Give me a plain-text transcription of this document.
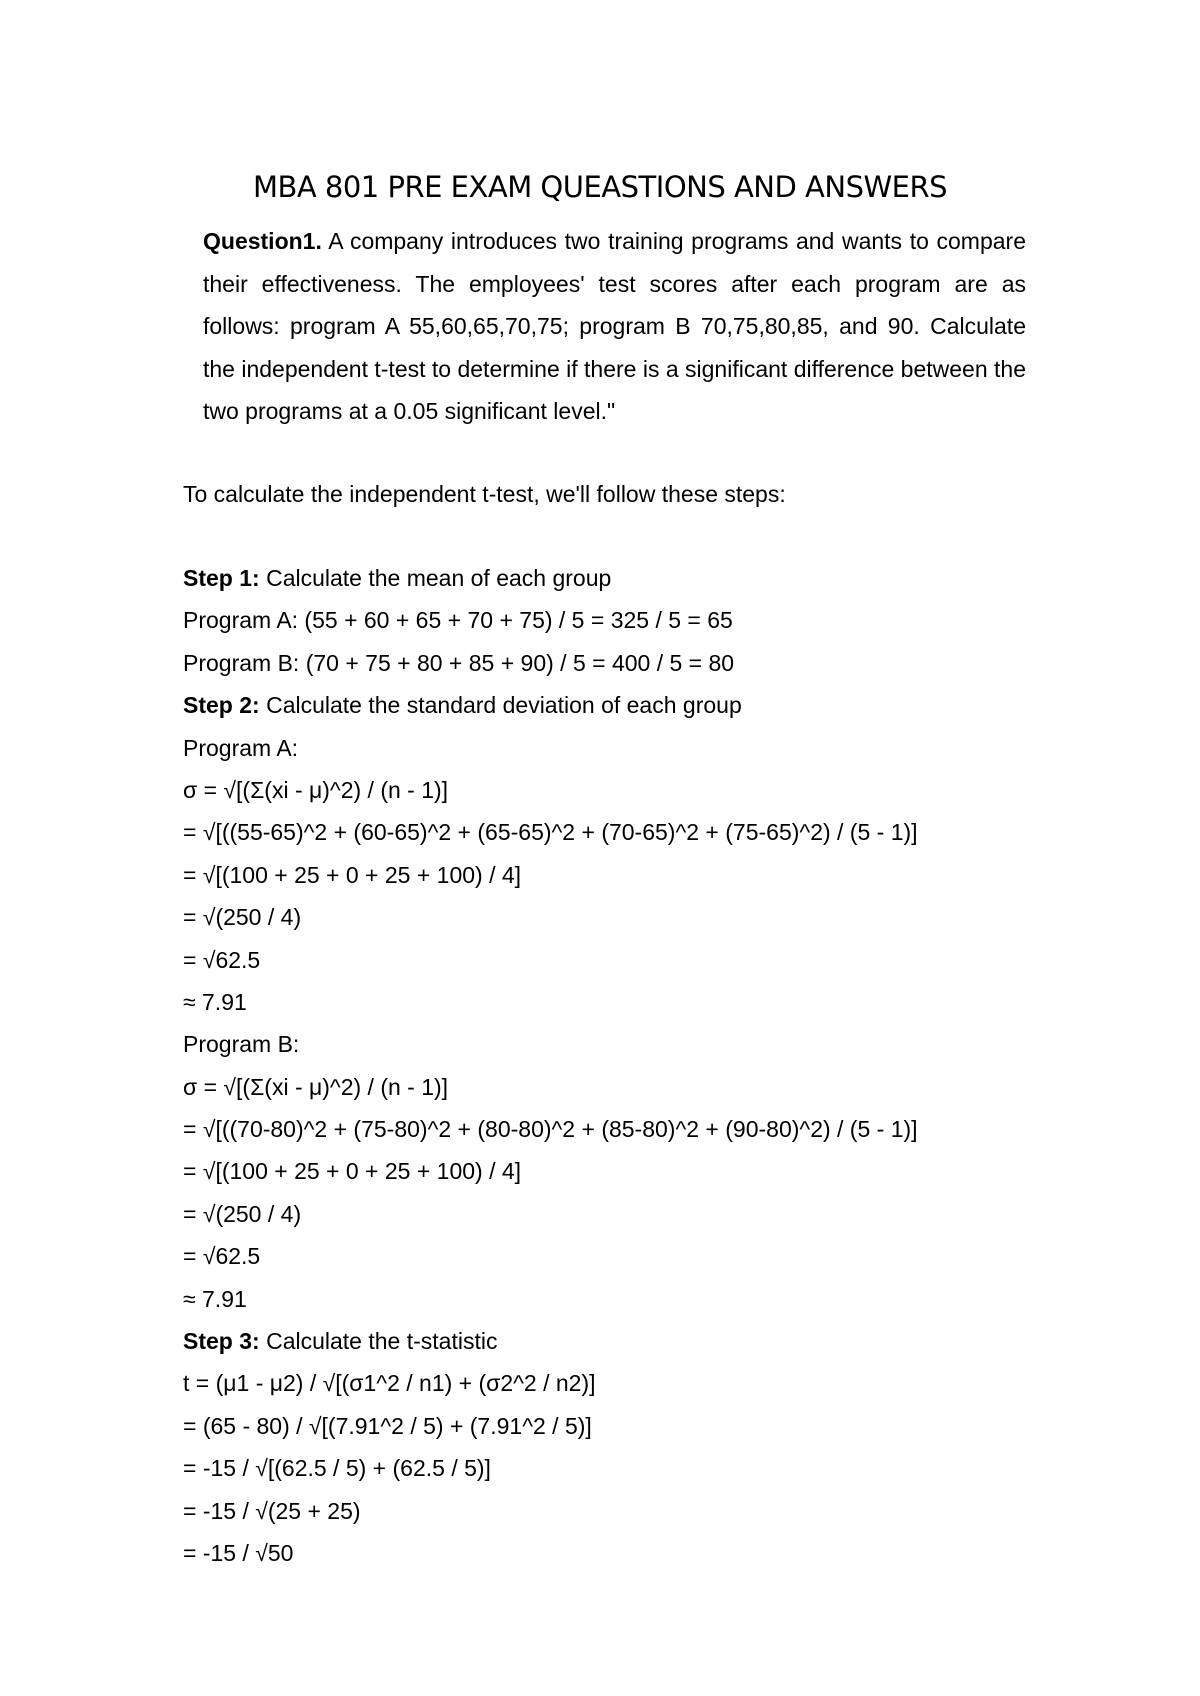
MBA 801 PRE EXAM QUEASTIONS AND ANSWERS

Question1. A company introduces two training programs and wants to compare their effectiveness. The employees' test scores after each program are as follows: program A 55,60,65,70,75; program B 70,75,80,85, and 90. Calculate the independent t-test to determine if there is a significant difference between the two programs at a 0.05 significant level."

To calculate the independent t-test, we'll follow these steps:

Step 1: Calculate the mean of each group
Program A: (55 + 60 + 65 + 70 + 75) / 5 = 325 / 5 = 65
Program B: (70 + 75 + 80 + 85 + 90) / 5 = 400 / 5 = 80
Step 2: Calculate the standard deviation of each group
Program A:
σ = √[(Σ(xi - μ)^2) / (n - 1)]
= √[((55-65)^2 + (60-65)^2 + (65-65)^2 + (70-65)^2 + (75-65)^2) / (5 - 1)]
= √[(100 + 25 + 0 + 25 + 100) / 4]
= √(250 / 4)
= √62.5
≈ 7.91
Program B:
σ = √[(Σ(xi - μ)^2) / (n - 1)]
= √[((70-80)^2 + (75-80)^2 + (80-80)^2 + (85-80)^2 + (90-80)^2) / (5 - 1)]
= √[(100 + 25 + 0 + 25 + 100) / 4]
= √(250 / 4)
= √62.5
≈ 7.91
Step 3: Calculate the t-statistic
t = (μ1 - μ2) / √[(σ1^2 / n1) + (σ2^2 / n2)]
= (65 - 80) / √[(7.91^2 / 5) + (7.91^2 / 5)]
= -15 / √[(62.5 / 5) + (62.5 / 5)]
= -15 / √(25 + 25)
= -15 / √50
